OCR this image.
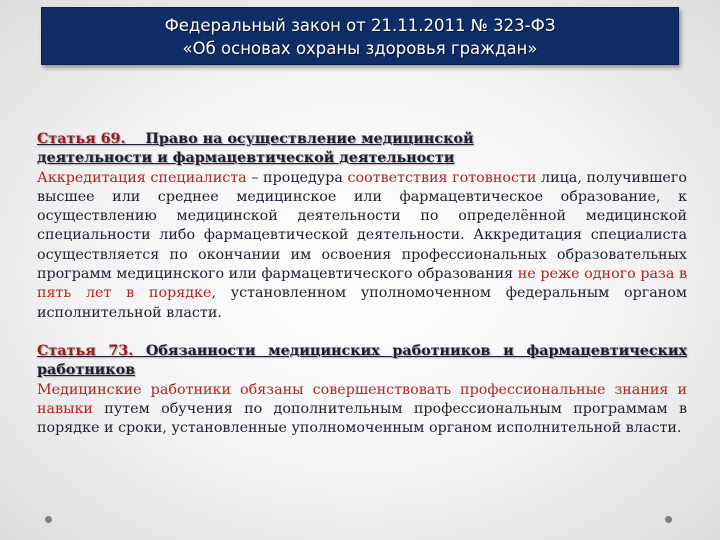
Федеральный закон от 21.11.2011 № 323-ФЗ
«Об основах охраны здоровья граждан»
Статья 69. Право на осуществление медицинской
деятельности и фармацевтической деятельности
Аккредитация специалиста – процедура соответствия готовности лица, получившего высшее или среднее медицинское или фармацевтическое образование, к осуществлению медицинской деятельности по определённой медицинской специальности либо фармацевтической деятельности. Аккредитация специалиста осуществляется по окончании им освоения профессиональных образовательных программ медицинского или фармацевтического образования не реже одного раза в пять лет в порядке, установленном уполномоченном федеральным органом исполнительной власти.
Статья 73. Обязанности медицинских работников и фармацевтических работников
Медицинские работники обязаны совершенствовать профессиональные знания и навыки путем обучения по дополнительным профессиональным программам в порядке и сроки, установленные уполномоченным органом исполнительной власти.
